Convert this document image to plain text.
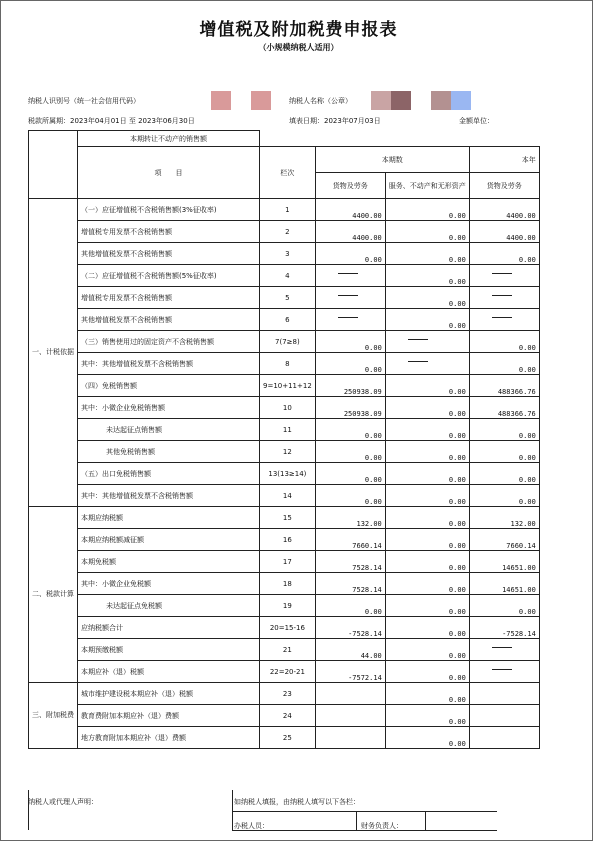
增值税及附加税费申报表
（小规模纳税人适用）
纳税人识别号（统一社会信用代码）	纳税人名称（公章）
税款所属期：2023年04月01日 至 2023年06月30日	填表日期：2023年07月03日	金额单位：
	本期转让不动产的销售额				
	项　　目	栏次	本期数		本年
			货物及劳务	服务、不动产和无形资产	货物及劳务
一、计税依据	（一）应征增值税不含税销售额(3%征收率)	1	4400.00	0.00	4400.00
	增值税专用发票不含税销售额	2	4400.00	0.00	4400.00
	其他增值税发票不含税销售额	3	0.00	0.00	0.00
	（二）应征增值税不含税销售额(5%征收率)	4		0.00	
	增值税专用发票不含税销售额	5		0.00	
	其他增值税发票不含税销售额	6		0.00	
	（三）销售使用过的固定资产不含税销售额	7(7≥8)	0.00		0.00
	其中：其他增值税发票不含税销售额	8	0.00		0.00
	（四）免税销售额	9=10+11+12	250938.09	0.00	488366.76
	其中：小微企业免税销售额	10	250938.09	0.00	488366.76
	未达起征点销售额	11	0.00	0.00	0.00
	其他免税销售额	12	0.00	0.00	0.00
	（五）出口免税销售额	13(13≥14)	0.00	0.00	0.00
	其中：其他增值税发票不含税销售额	14	0.00	0.00	0.00
二、税款计算	本期应纳税额	15	132.00	0.00	132.00
	本期应纳税额减征额	16	7660.14	0.00	7660.14
	本期免税额	17	7528.14	0.00	14651.00
	其中：小微企业免税额	18	7528.14	0.00	14651.00
	未达起征点免税额	19	0.00	0.00	0.00
	应纳税额合计	20=15-16	-7528.14	0.00	-7528.14
	本期预缴税额	21	44.00	0.00	
	本期应补（退）税额	22=20-21	-7572.14	0.00	
三、附加税费	城市维护建设税本期应补（退）税额	23		0.00	
	教育费附加本期应补（退）费额	24		0.00	
	地方教育附加本期应补（退）费额	25		0.00	
纳税人或代理人声明：	如纳税人填报，由纳税人填写以下各栏：
办税人员：	财务负责人：
